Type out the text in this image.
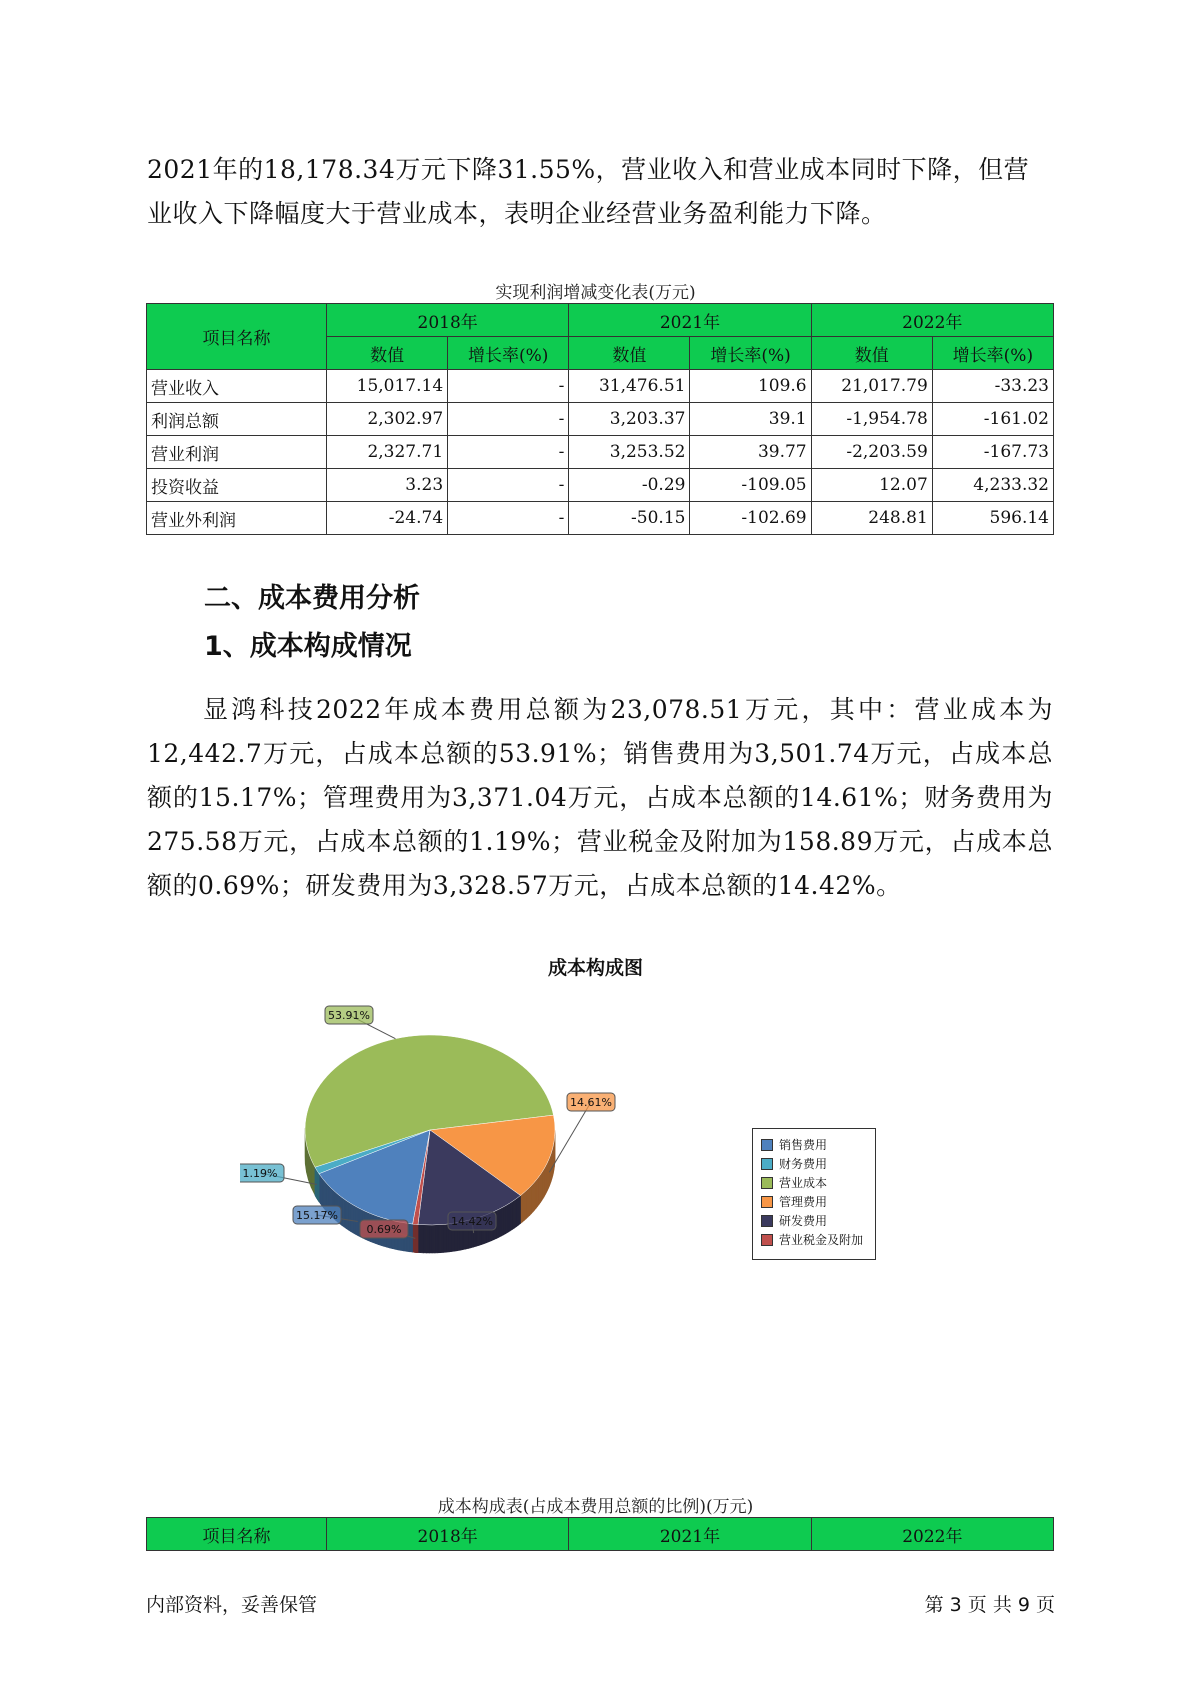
2021年的18,178.34万元下降31.55%，营业收入和营业成本同时下降，但营
业收入下降幅度大于营业成本，表明企业经营业务盈利能力下降。

实现利润增减变化表(万元)
项目名称	2018年		2021年		2022年	
	数值	增长率(%)	数值	增长率(%)	数值	增长率(%)
营业收入	15,017.14	-	31,476.51	109.6	21,017.79	-33.23
利润总额	2,302.97	-	3,203.37	39.1	-1,954.78	-161.02
营业利润	2,327.71	-	3,253.52	39.77	-2,203.59	-167.73
投资收益	3.23	-	-0.29	-109.05	12.07	4,233.32
营业外利润	-24.74	-	-50.15	-102.69	248.81	596.14
二、成本费用分析
1、成本构成情况

显鸿科技2022年成本费用总额为23,078.51万元，其中：营业成本为12,442.7万元，占成本总额的53.91%；销售费用为3,501.74万元，占成本总额的15.17%；管理费用为3,371.04万元，占成本总额的14.61%；财务费用为275.58万元，占成本总额的1.19%；营业税金及附加为158.89万元，占成本总额的0.69%；研发费用为3,328.57万元，占成本总额的14.42%。

成本构成图
53.91%
14.61%
14.42%
0.69%
15.17%
1.19%
销售费用
财务费用
营业成本
管理费用
研发费用
营业税金及附加
成本构成表(占成本费用总额的比例)(万元)
项目名称	2018年	2021年	2022年
内部资料，妥善保管	第 3 页 共 9 页
